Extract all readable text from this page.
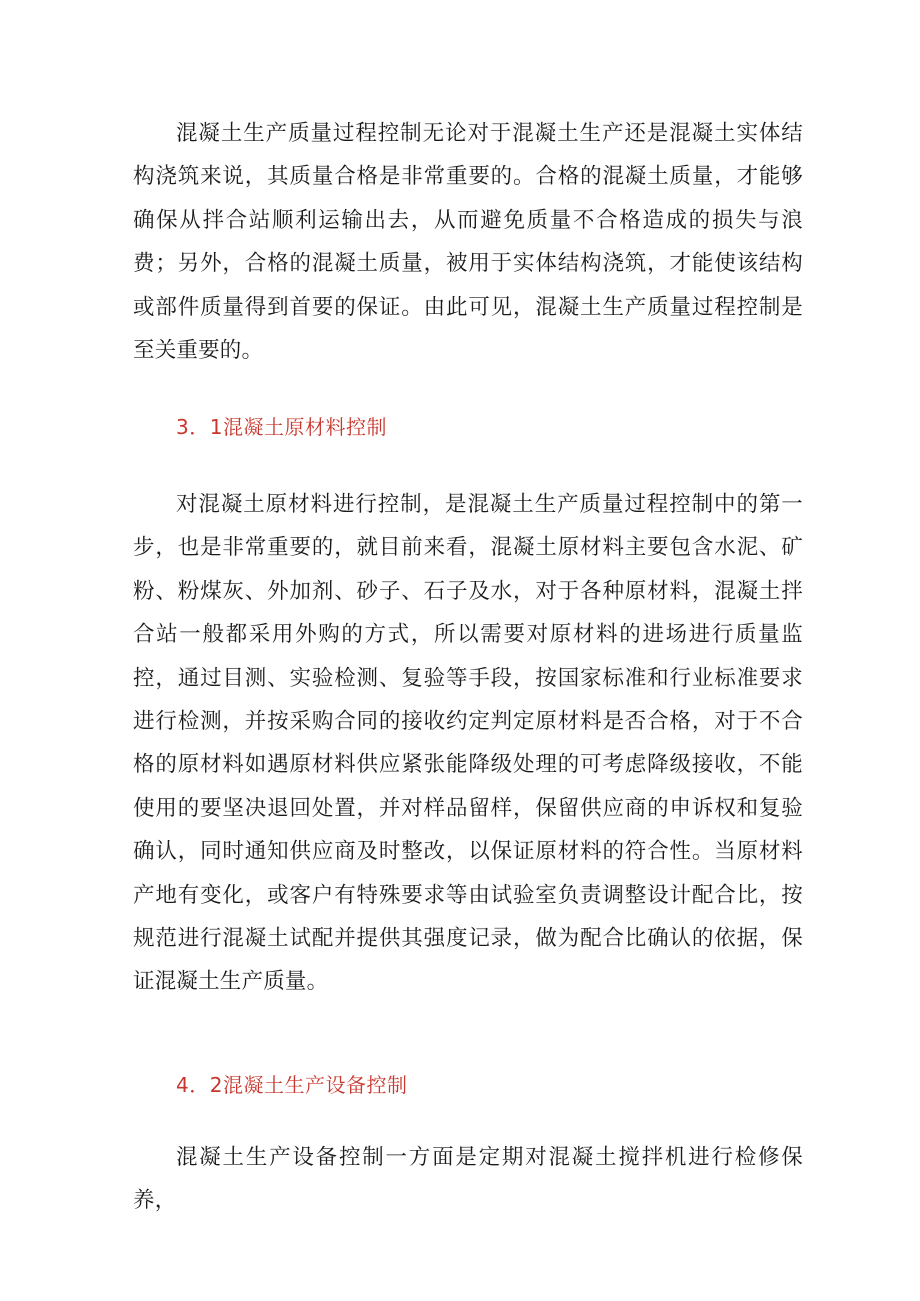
混凝土生产质量过程控制无论对于混凝土生产还是混凝土实体结构浇筑来说，其质量合格是非常重要的。合格的混凝土质量，才能够确保从拌合站顺利运输出去，从而避免质量不合格造成的损失与浪费；另外，合格的混凝土质量，被用于实体结构浇筑，才能使该结构或部件质量得到首要的保证。由此可见，混凝土生产质量过程控制是至关重要的。

3．1混凝土原材料控制

对混凝土原材料进行控制，是混凝土生产质量过程控制中的第一步，也是非常重要的，就目前来看，混凝土原材料主要包含水泥、矿粉、粉煤灰、外加剂、砂子、石子及水，对于各种原材料，混凝土拌合站一般都采用外购的方式，所以需要对原材料的进场进行质量监控，通过目测、实验检测、复验等手段，按国家标准和行业标准要求进行检测，并按采购合同的接收约定判定原材料是否合格，对于不合格的原材料如遇原材料供应紧张能降级处理的可考虑降级接收，不能使用的要坚决退回处置，并对样品留样，保留供应商的申诉权和复验确认，同时通知供应商及时整改，以保证原材料的符合性。当原材料产地有变化，或客户有特殊要求等由试验室负责调整设计配合比，按规范进行混凝土试配并提供其强度记录，做为配合比确认的依据，保证混凝土生产质量。

4．2混凝土生产设备控制

混凝土生产设备控制一方面是定期对混凝土搅拌机进行检修保养，
